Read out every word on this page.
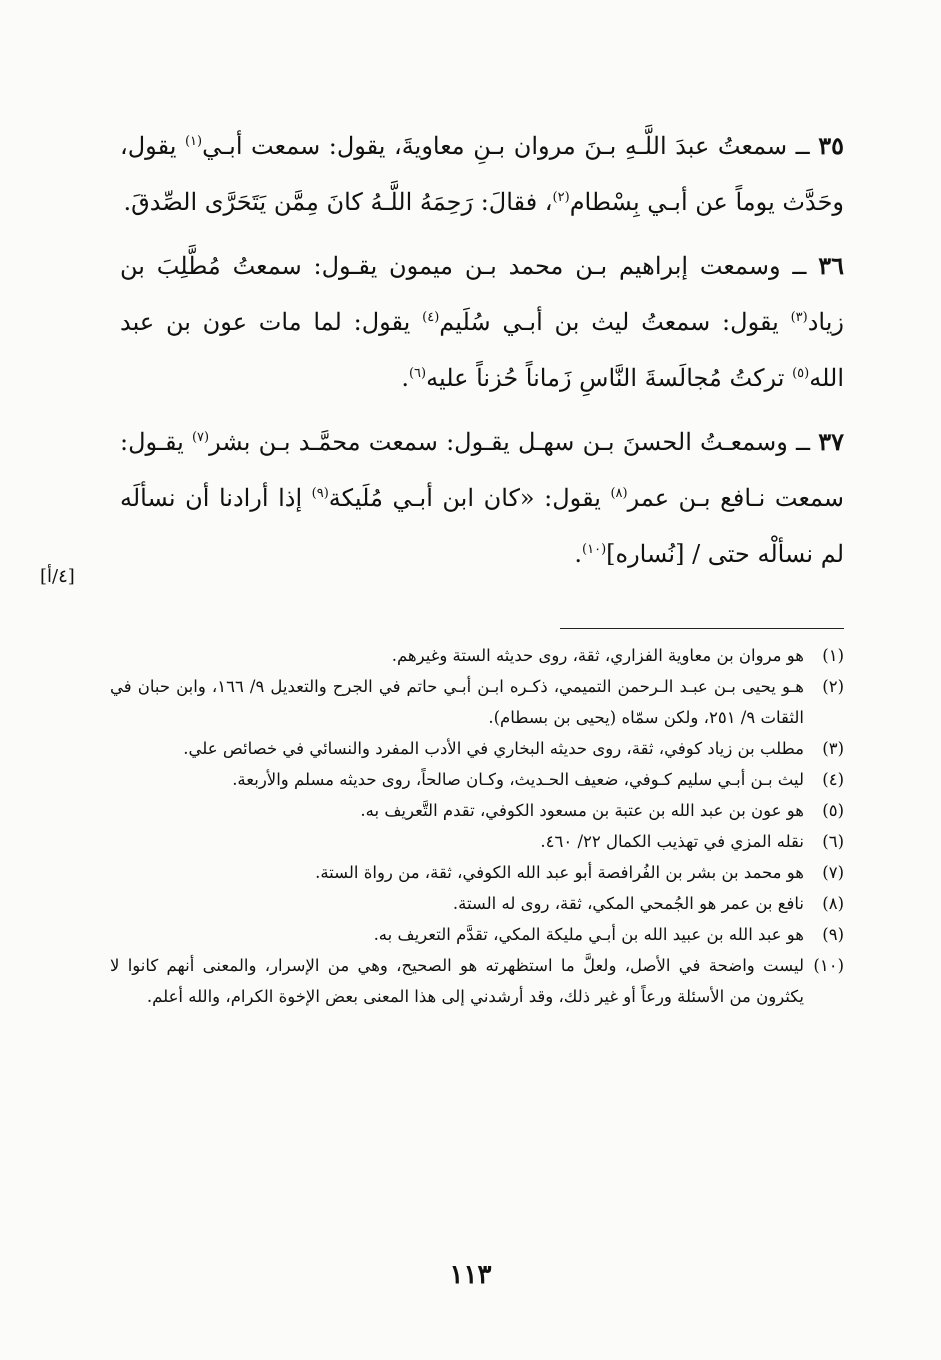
٣٥ ــ سمعتُ عبدَ اللَّـهِ بـنَ مروان بـنِ معاويةَ، يقول: سمعت أبـي$^{(١)}$ يقول، وحَدَّث يوماً عن أبـي بِسْطام$^{(٢)}$، فقالَ: رَحِمَهُ اللَّـهُ كانَ مِمَّن يَتَحَرَّى الصِّدقَ.

٣٦ ــ وسمعت إبراهيم بـن محمد بـن ميمون يقـول: سمعتُ مُطَّلِبَ بن زياد$^{(٣)}$ يقول: سمعتُ ليث بن أبـي سُلَيم$^{(٤)}$ يقول: لما مات عون بن عبد الله$^{(٥)}$ تركتُ مُجالَسةَ النَّاسِ زَماناً حُزناً عليه$^{(٦)}$.

٣٧ ــ وسمعـتُ الحسنَ بـن سهـل يقـول: سمعت محمَّـد بـن بشر$^{(٧)}$ يقـول: سمعت نـافع بـن عمر$^{(٨)}$ يقول: «كان ابن أبـي مُلَيكة$^{(٩)}$ إذا أرادنا أن نسألَه لم نسألْه حتى / [نُساره]$^{(١٠)}$.

[٤/أ]
(١)
هو مروان بن معاوية الفزاري، ثقة، روى حديثه الستة وغيرهم.
(٢)
هـو يحيى بـن عبـد الـرحمن التميمي، ذكـره ابـن أبـي حاتم في الجرح والتعديل ٩/ ١٦٦، وابن حبان في الثقات ٩/ ٢٥١، ولكن سمّاه (يحيى بن بسطام).
(٣)
مطلب بن زياد كوفي، ثقة، روى حديثه البخاري في الأدب المفرد والنسائي في خصائص علي.
(٤)
ليث بـن أبـي سليم كـوفي، ضعيف الحـديث، وكـان صالحاً، روى حديثه مسلم والأربعة.
(٥)
هو عون بن عبد الله بن عتبة بن مسعود الكوفي، تقدم التَّعريف به.
(٦)
نقله المزي في تهذيب الكمال ٢٢/ ٤٦٠.
(٧)
هو محمد بن بشر بن الفُرافصة أبو عبد الله الكوفي، ثقة، من رواة الستة.
(٨)
نافع بن عمر هو الجُمحي المكي، ثقة، روى له الستة.
(٩)
هو عبد الله بن عبيد الله بن أبـي مليكة المكي، تقدَّم التعريف به.
(١٠)
ليست واضحة في الأصل، ولعلَّ ما استظهرته هو الصحيح، وهي من الإسرار، والمعنى أنهم كانوا لا يكثرون من الأسئلة ورعاً أو غير ذلك، وقد أرشدني إلى هذا المعنى بعض الإخوة الكرام، والله أعلم.
١١٣
